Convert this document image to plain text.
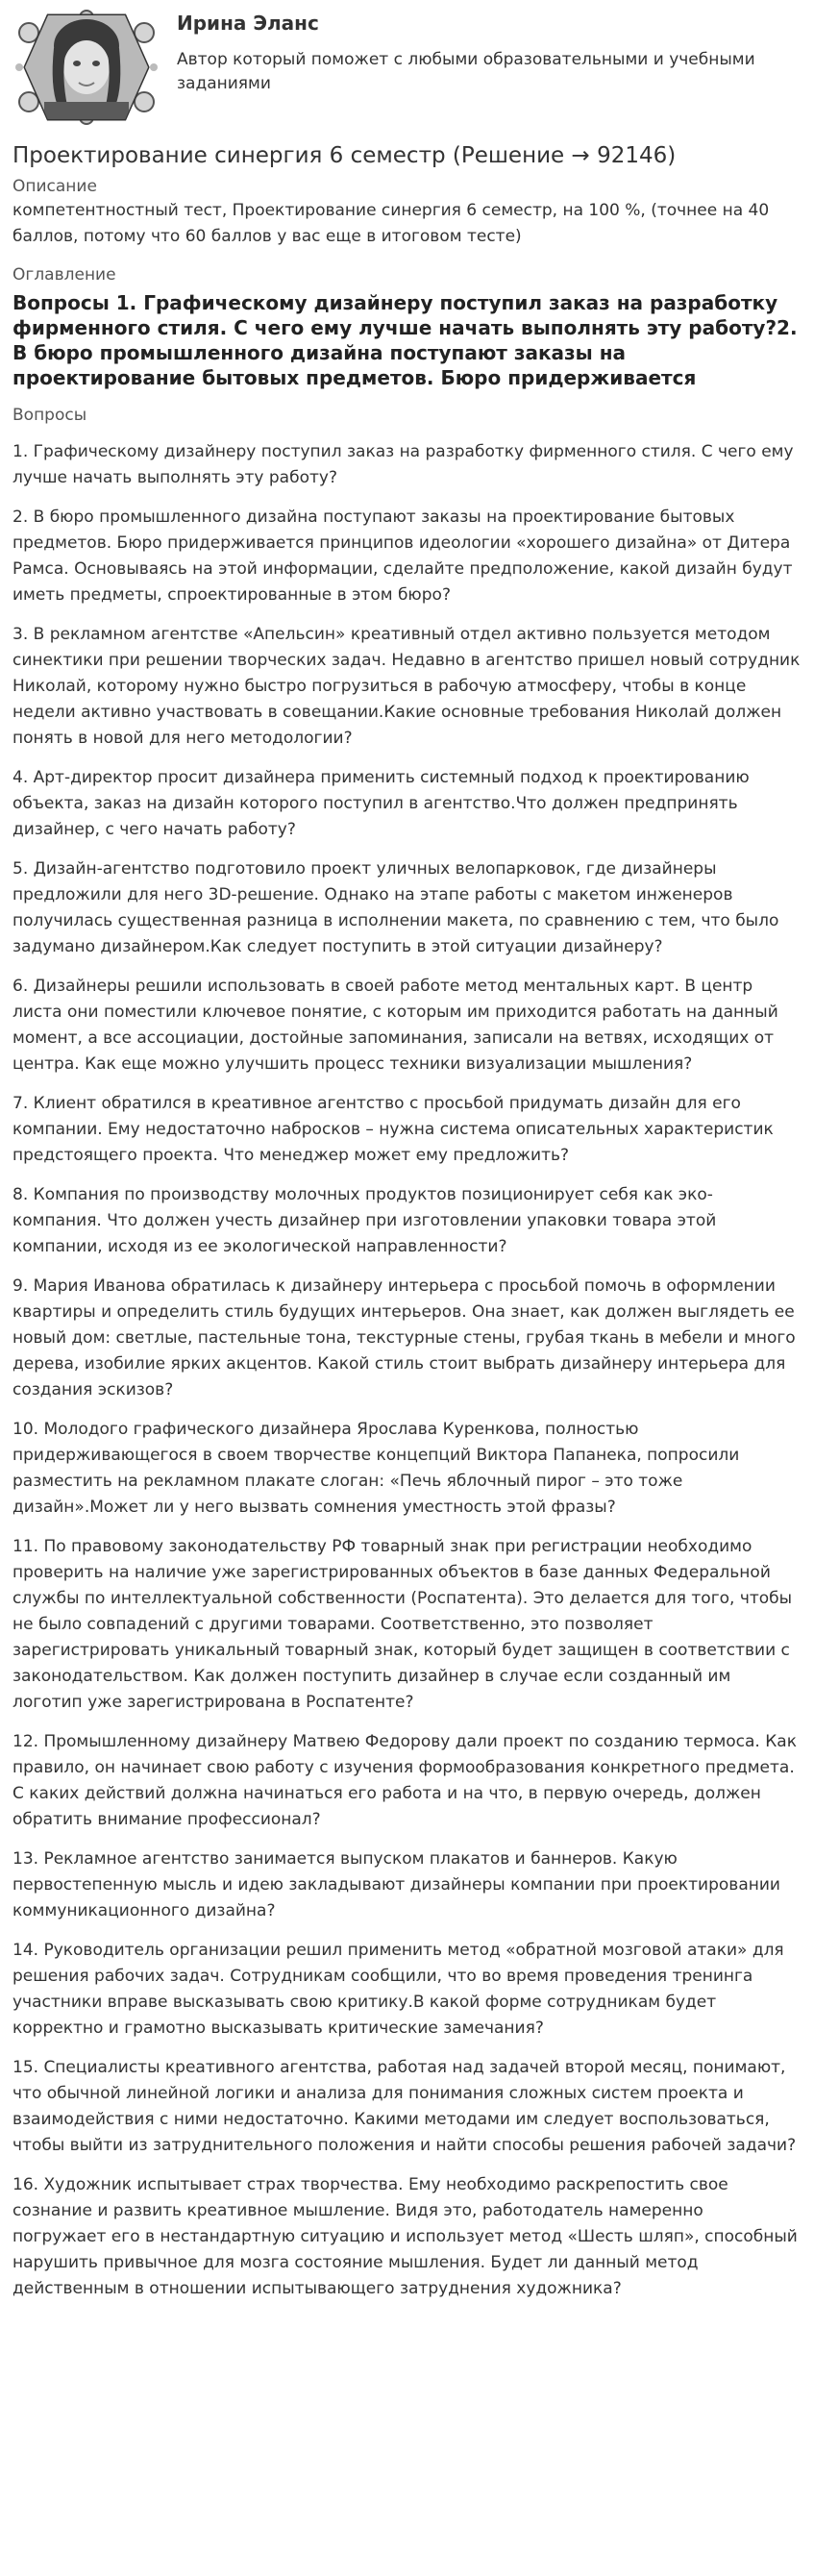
Ирина Эланс
Автор который поможет с любыми образовательными и учебными заданиями
Проектирование синергия 6 семестр (Решение → 92146)
Описание
компетентностный тест, Проектирование синергия 6 семестр, на 100 %, (точнее на 40 баллов, потому что 60 баллов у вас еще в итоговом тесте)
Оглавление
Вопросы 1. Графическому дизайнеру поступил заказ на разработку фирменного стиля. С чего ему лучше начать выполнять эту работу?2. В бюро промышленного дизайна поступают заказы на проектирование бытовых предметов. Бюро придерживается
Вопросы

1. Графическому дизайнеру поступил заказ на разработку фирменного стиля. С чего ему лучше начать выполнять эту работу?

2. В бюро промышленного дизайна поступают заказы на проектирование бытовых предметов. Бюро придерживается принципов идеологии «хорошего дизайна» от Дитера Рамса. Основываясь на этой информации, сделайте предположение, какой дизайн будут иметь предметы, спроектированные в этом бюро?

3. В рекламном агентстве «Апельсин» креативный отдел активно пользуется методом синектики при решении творческих задач. Недавно в агентство пришел новый сотрудник Николай, которому нужно быстро погрузиться в рабочую атмосферу, чтобы в конце недели активно участвовать в совещании.Какие основные требования Николай должен понять в новой для него методологии?

4. Арт-директор просит дизайнера применить системный подход к проектированию объекта, заказ на дизайн которого поступил в агентство.Что должен предпринять дизайнер, с чего начать работу?

5. Дизайн-агентство подготовило проект уличных велопарковок, где дизайнеры предложили для него 3D-решение. Однако на этапе работы с макетом инженеров получилась существенная разница в исполнении макета, по сравнению с тем, что было задумано дизайнером.Как следует поступить в этой ситуации дизайнеру?

6. Дизайнеры решили использовать в своей работе метод ментальных карт. В центр листа они поместили ключевое понятие, с которым им приходится работать на данный момент, а все ассоциации, достойные запоминания, записали на ветвях, исходящих от центра. Как еще можно улучшить процесс техники визуализации мышления?

7. Клиент обратился в креативное агентство с просьбой придумать дизайн для его компании. Ему недостаточно набросков – нужна система описательных характеристик предстоящего проекта. Что менеджер может ему предложить?

8. Компания по производству молочных продуктов позиционирует себя как эко-компания. Что должен учесть дизайнер при изготовлении упаковки товара этой компании, исходя из ее экологической направленности?

9. Мария Иванова обратилась к дизайнеру интерьера с просьбой помочь в оформлении квартиры и определить стиль будущих интерьеров. Она знает, как должен выглядеть ее новый дом: светлые, пастельные тона, текстурные стены, грубая ткань в мебели и много дерева, изобилие ярких акцентов. Какой стиль стоит выбрать дизайнеру интерьера для создания эскизов?

10. Молодого графического дизайнера Ярослава Куренкова, полностью придерживающегося в своем творчестве концепций Виктора Папанека, попросили разместить на рекламном плакате слоган: «Печь яблочный пирог – это тоже дизайн».Может ли у него вызвать сомнения уместность этой фразы?

11. По правовому законодательству РФ товарный знак при регистрации необходимо проверить на наличие уже зарегистрированных объектов в базе данных Федеральной службы по интеллектуальной собственности (Роспатента). Это делается для того, чтобы не было совпадений с другими товарами. Соответственно, это позволяет зарегистрировать уникальный товарный знак, который будет защищен в соответствии с законодательством. Как должен поступить дизайнер в случае если созданный им логотип уже зарегистрирована в Роспатенте?

12. Промышленному дизайнеру Матвею Федорову дали проект по созданию термоса. Как правило, он начинает свою работу с изучения формообразования конкретного предмета. С каких действий должна начинаться его работа и на что, в первую очередь, должен обратить внимание профессионал?

13. Рекламное агентство занимается выпуском плакатов и баннеров. Какую первостепенную мысль и идею закладывают дизайнеры компании при проектировании коммуникационного дизайна?

14. Руководитель организации решил применить метод «обратной мозговой атаки» для решения рабочих задач. Сотрудникам сообщили, что во время проведения тренинга участники вправе высказывать свою критику.В какой форме сотрудникам будет корректно и грамотно высказывать критические замечания?

15. Специалисты креативного агентства, работая над задачей второй месяц, понимают, что обычной линейной логики и анализа для понимания сложных систем проекта и взаимодействия с ними недостаточно. Какими методами им следует воспользоваться, чтобы выйти из затруднительного положения и найти способы решения рабочей задачи?

16. Художник испытывает страх творчества. Ему необходимо раскрепостить свое сознание и развить креативное мышление. Видя это, работодатель намеренно погружает его в нестандартную ситуацию и использует метод «Шесть шляп», способный нарушить привычное для мозга состояние мышления. Будет ли данный метод действенным в отношении испытывающего затруднения художника?
